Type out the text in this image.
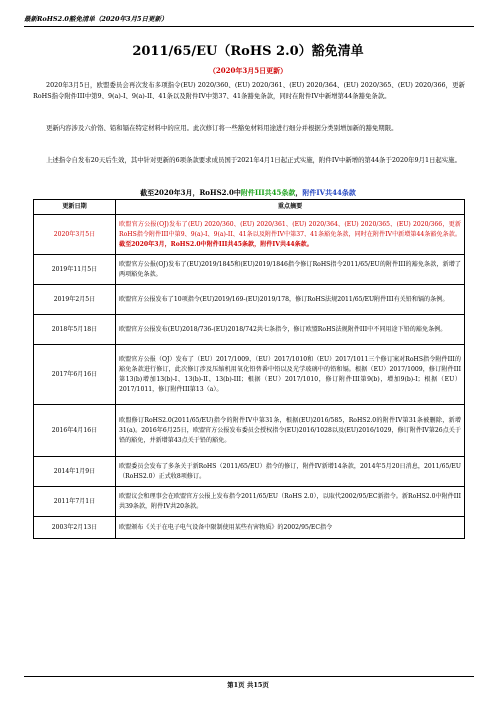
最新RoHS2.0豁免清单（2020年3月5日更新）
2011/65/EU（RoHS 2.0）豁免清单
（2020年3月5日更新）

2020年3月5日，欧盟委员会再次发布多项指令(EU) 2020/360、(EU) 2020/361、(EU) 2020/364、(EU) 2020/365、(EU) 2020/366，更新RoHS指令附件III中第9、9(a)-I、9(a)-II、41条以及附件IV中第37、41条豁免条款，同时在附件IV中新增第44条豁免条款。

更新内容涉及六价铬、铅和镉在特定材料中的应用。此次修订将一些豁免材料用途进行细分并根据分类别增加新的豁免期限。

上述指令自发布20天后生效，其中针对更新的6项条款要求成员国于2021年4月1日起正式实施，附件IV中新增的第44条于2020年9月1日起实施。

截至2020年3月，RoHS2.0中附件III共45条款，附件IV共44条款
更新日期	重点摘要
2020年3月5日	欧盟官方公报(OJ)发布了(EU) 2020/360、(EU) 2020/361、(EU) 2020/364、(EU) 2020/365、(EU) 2020/366，更新RoHS指令附件III中第9、9(a)-I、9(a)-II、41条以及附件IV中第37、41条豁免条款，同时在附件IV中新增第44条豁免条款。截至2020年3月，RoHS2.0中附件III共45条款，附件IV共44条款。
2019年11月5日	欧盟官方公报(OJ)发布了(EU)2019/1845和(EU)2019/1846指令修订RoHS指令2011/65/EU的附件III的豁免条款，新增了两项豁免条款。
2019年2月5日	欧盟官方公报发布了10项指令(EU)2019/169-(EU)2019/178，修订RoHS法规2011/65/EU附件III有关铅和镉的条例。
2018年5月18日	欧盟官方公报发布(EU)2018/736-(EU)2018/742共七条指令，修订欧盟RoHS法规附件III中不同用途下铅的豁免条例。
2017年6月16日	欧盟官方公报（OJ）发布了（EU）2017/1009、（EU）2017/1010和（EU）2017/1011三个修订案对RoHS指令附件III的豁免条款进行修订，此次修订涉及压缩机用氧化铅替番中铅以及光学玻璃中的铅和镉。根据（EU）2017/1009，修订附件III第13(b)增加13(b)-I、13(b)-II、13(b)-III；根据（EU）2017/1010，修订附件III第9(b)，增加9(b)-I；根据（EU）2017/1011，修订附件III第13（a）。
2016年4月16日	欧盟修订RoHS2.0(2011/65/EU)指令的附件IV中第31条，根据(EU)2016/585，RoHS2.0的附件IV第31条被删除，新增31(a)。2016年6月25日，欧盟官方公报发布委员会授权指令(EU)2016/1028以及(EU)2016/1029，修订附件IV第26点关于铅的豁免，并新增第43点关于铅的豁免。
2014年1月9日	欧盟委员会发布了多条关于新RoHS（2011/65/EU）指令的修订，附件IV新增14条款，2014年5月20日消息，2011/65/EU（RoHS2.0）正式收8项修订。
2011年7月1日	欧盟议会和理事会在欧盟官方公报上发布指令2011/65/EU（RoHS 2.0），以取代2002/95/EC新指令。新RoHS2.0中附件III共39条款，附件IV共20条款。
2003年2月13日	欧盟颁布《关于在电子电气设备中限制使用某些有害物质》的2002/95/EC指令
第1页 共15页
